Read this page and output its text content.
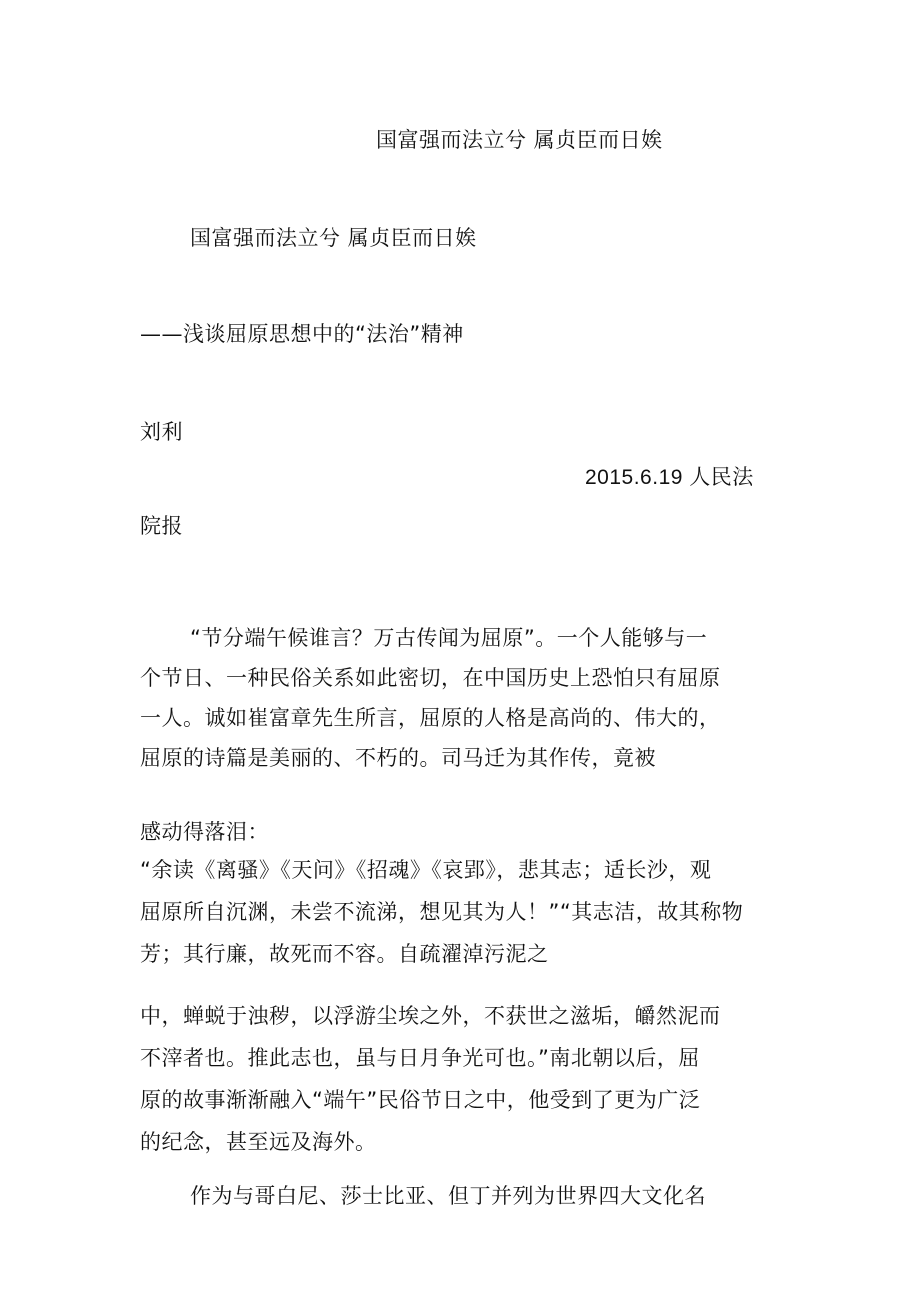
国富强而法立兮 属贞臣而日娭
国富强而法立兮 属贞臣而日娭
——浅谈屈原思想中的“法治”精神
刘利
2015.6.19 人民法
院报
“节分端午候谁言？万古传闻为屈原”。一个人能够与一
个节日、一种民俗关系如此密切，在中国历史上恐怕只有屈原
一人。诚如崔富章先生所言，屈原的人格是高尚的、伟大的，
屈原的诗篇是美丽的、不朽的。司马迁为其作传，竟被
感动得落泪：
“余读《离骚》《天问》《招魂》《哀郢》，悲其志；适长沙，观
屈原所自沉渊，未尝不流涕，想见其为人！”“其志洁，故其称物
芳；其行廉，故死而不容。自疏濯淖污泥之
中，蝉蜕于浊秽，以浮游尘埃之外，不获世之滋垢，皭然泥而
不滓者也。推此志也，虽与日月争光可也。”南北朝以后，屈
原的故事渐渐融入“端午”民俗节日之中，他受到了更为广泛
的纪念，甚至远及海外。
作为与哥白尼、莎士比亚、但丁并列为世界四大文化名
